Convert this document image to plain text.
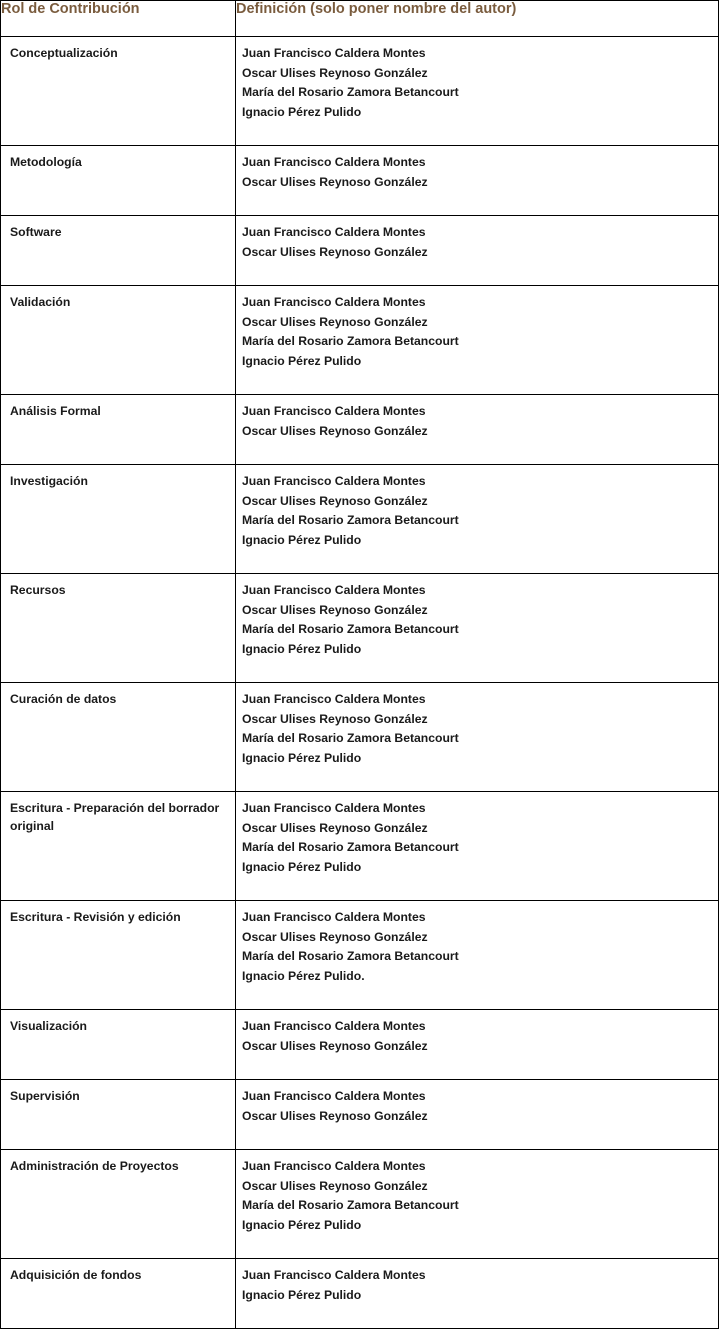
Rol de Contribución	Definición (solo poner nombre del autor)
Conceptualización	Juan Francisco Caldera Montes
Oscar Ulises Reynoso González
María del Rosario Zamora Betancourt
Ignacio Pérez Pulido

Metodología	Juan Francisco Caldera Montes
Oscar Ulises Reynoso González

Software	Juan Francisco Caldera Montes
Oscar Ulises Reynoso González

Validación	Juan Francisco Caldera Montes
Oscar Ulises Reynoso González
María del Rosario Zamora Betancourt
Ignacio Pérez Pulido

Análisis Formal	Juan Francisco Caldera Montes
Oscar Ulises Reynoso González

Investigación	Juan Francisco Caldera Montes
Oscar Ulises Reynoso González
María del Rosario Zamora Betancourt
Ignacio Pérez Pulido

Recursos	Juan Francisco Caldera Montes
Oscar Ulises Reynoso González
María del Rosario Zamora Betancourt
Ignacio Pérez Pulido

Curación de datos	Juan Francisco Caldera Montes
Oscar Ulises Reynoso González
María del Rosario Zamora Betancourt
Ignacio Pérez Pulido

Escritura - Preparación del borrador original	Juan Francisco Caldera Montes
Oscar Ulises Reynoso González
María del Rosario Zamora Betancourt
Ignacio Pérez Pulido

Escritura - Revisión y edición	Juan Francisco Caldera Montes
Oscar Ulises Reynoso González
María del Rosario Zamora Betancourt
Ignacio Pérez Pulido.

Visualización	Juan Francisco Caldera Montes
Oscar Ulises Reynoso González

Supervisión	Juan Francisco Caldera Montes
Oscar Ulises Reynoso González

Administración de Proyectos	Juan Francisco Caldera Montes
Oscar Ulises Reynoso González
María del Rosario Zamora Betancourt
Ignacio Pérez Pulido

Adquisición de fondos	Juan Francisco Caldera Montes
Ignacio Pérez Pulido
